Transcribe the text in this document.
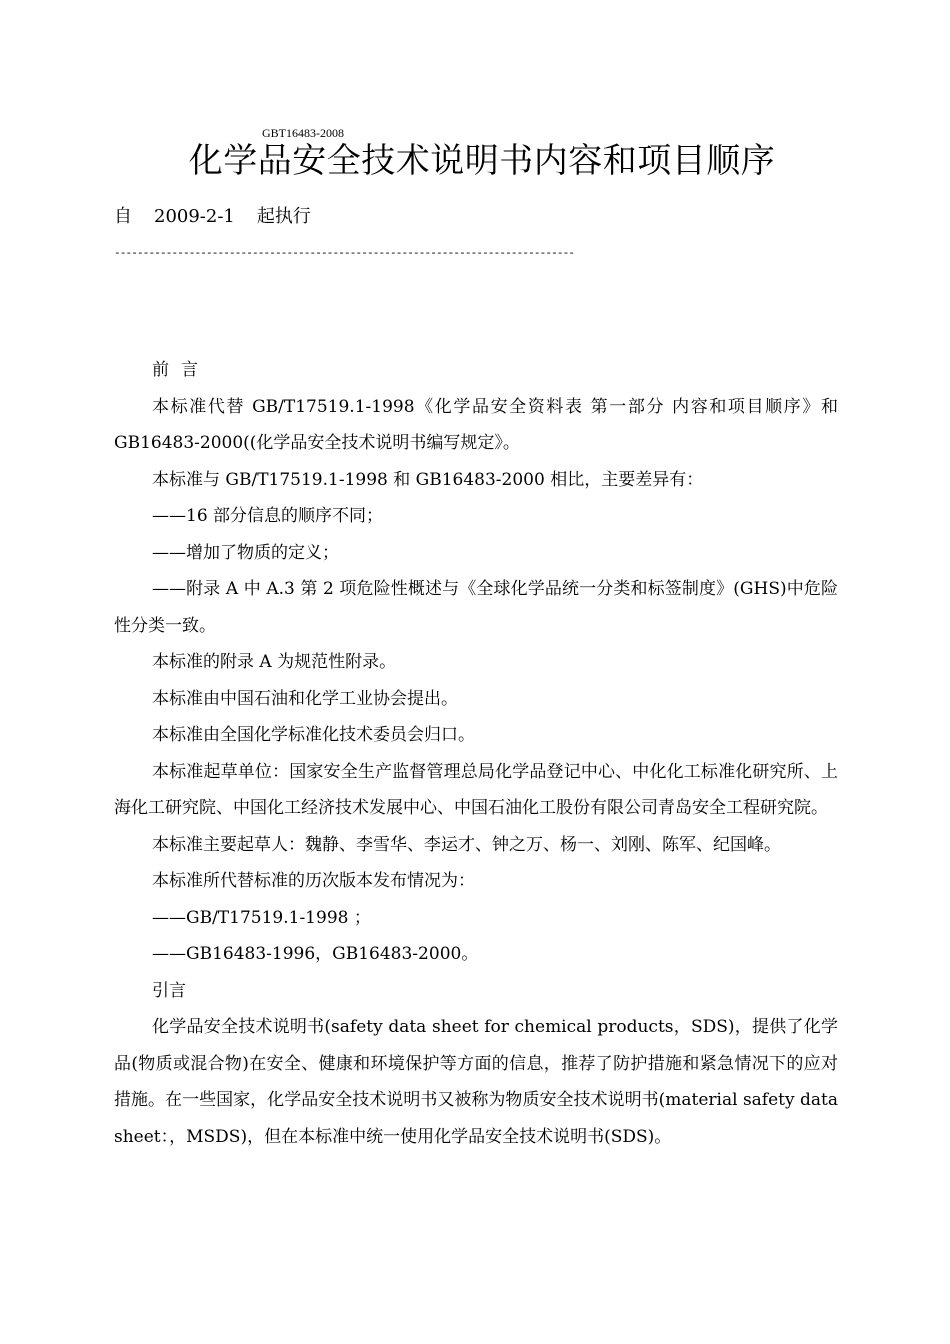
GBT16483-2008
化学品安全技术说明书内容和项目顺序
自 2009-2-1 起执行
--------------------------------------------------------------------------------

前 言

本标准代替 GB/T17519.1-1998《化学品安全资料表 第一部分 内容和项目顺序》和GB16483-2000((化学品安全技术说明书编写规定》。

本标准与 GB/T17519.1-1998 和 GB16483-2000 相比，主要差异有：

——16 部分信息的顺序不同；

——增加了物质的定义；

——附录 A 中 A.3 第 2 项危险性概述与《全球化学品统一分类和标签制度》(GHS)中危险性分类一致。

本标准的附录 A 为规范性附录。

本标准由中国石油和化学工业协会提出。

本标准由全国化学标准化技术委员会归口。

本标准起草单位：国家安全生产监督管理总局化学品登记中心、中化化工标准化研究所、上海化工研究院、中国化工经济技术发展中心、中国石油化工股份有限公司青岛安全工程研究院。

本标准主要起草人：魏静、李雪华、李运才、钟之万、杨一、刘刚、陈军、纪国峰。

本标准所代替标准的历次版本发布情况为：

——GB/T17519.1-1998 ；

——GB16483-1996，GB16483-2000。

引言

化学品安全技术说明书(safety data sheet for chemical products，SDS)，提供了化学品(物质或混合物)在安全、健康和环境保护等方面的信息，推荐了防护措施和紧急情况下的应对措施。在一些国家，化学品安全技术说明书又被称为物质安全技术说明书(material safety data sheet：，MSDS)，但在本标准中统一使用化学品安全技术说明书(SDS)。
